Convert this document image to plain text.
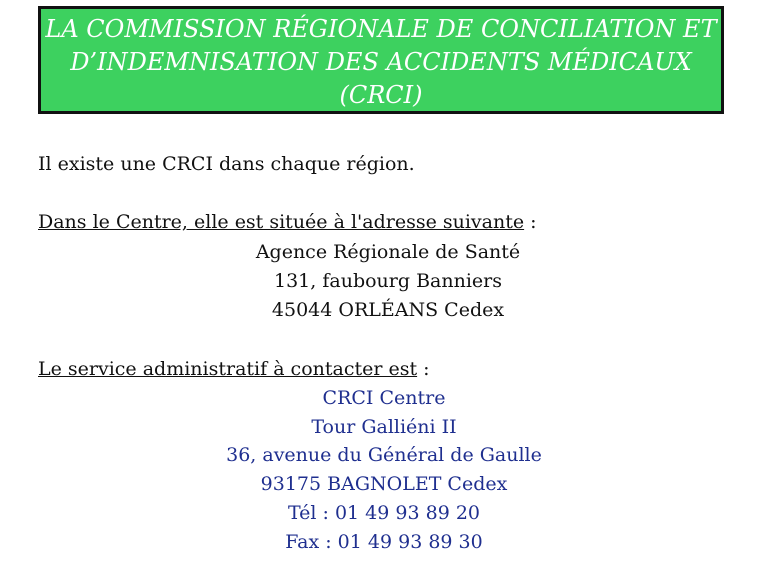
LA COMMISSION RÉGIONALE DE CONCILIATION ET
D’INDEMNISATION DES ACCIDENTS MÉDICAUX
(CRCI)
Il existe une CRCI dans chaque région.
Dans le Centre, elle est située à l'adresse suivante :
Agence Régionale de Santé
131, faubourg Banniers
45044 ORLÉANS Cedex
Le service administratif à contacter est :
CRCI Centre
Tour Galliéni II
36, avenue du Général de Gaulle
93175 BAGNOLET Cedex
Tél : 01 49 93 89 20
Fax : 01 49 93 89 30
